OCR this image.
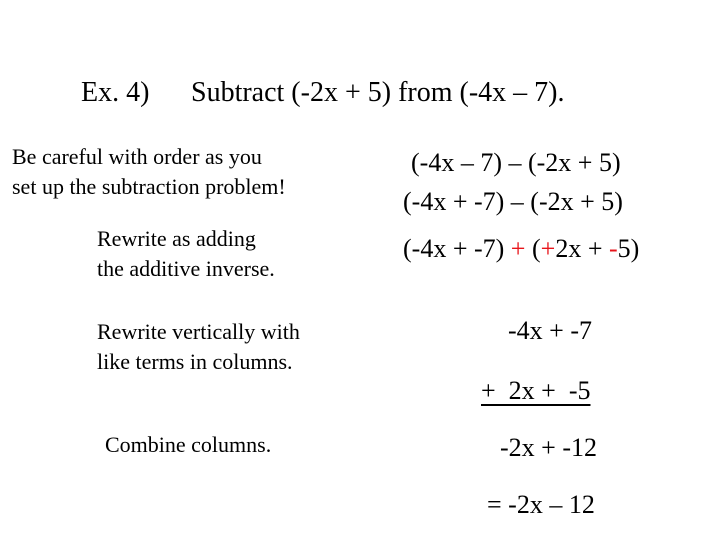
Ex. 4) Subtract (-2x + 5) from (-4x – 7).
Be careful with order as you
set up the subtraction problem!
Rewrite as adding
the additive inverse.
Rewrite vertically with
like terms in columns.
Combine columns.
(-4x – 7) – (-2x + 5)
(-4x + -7) – (-2x + 5)
(-4x + -7) + (+2x + -5)
-4x + -7
+  2x +  -5
-2x + -12
= -2x – 12
